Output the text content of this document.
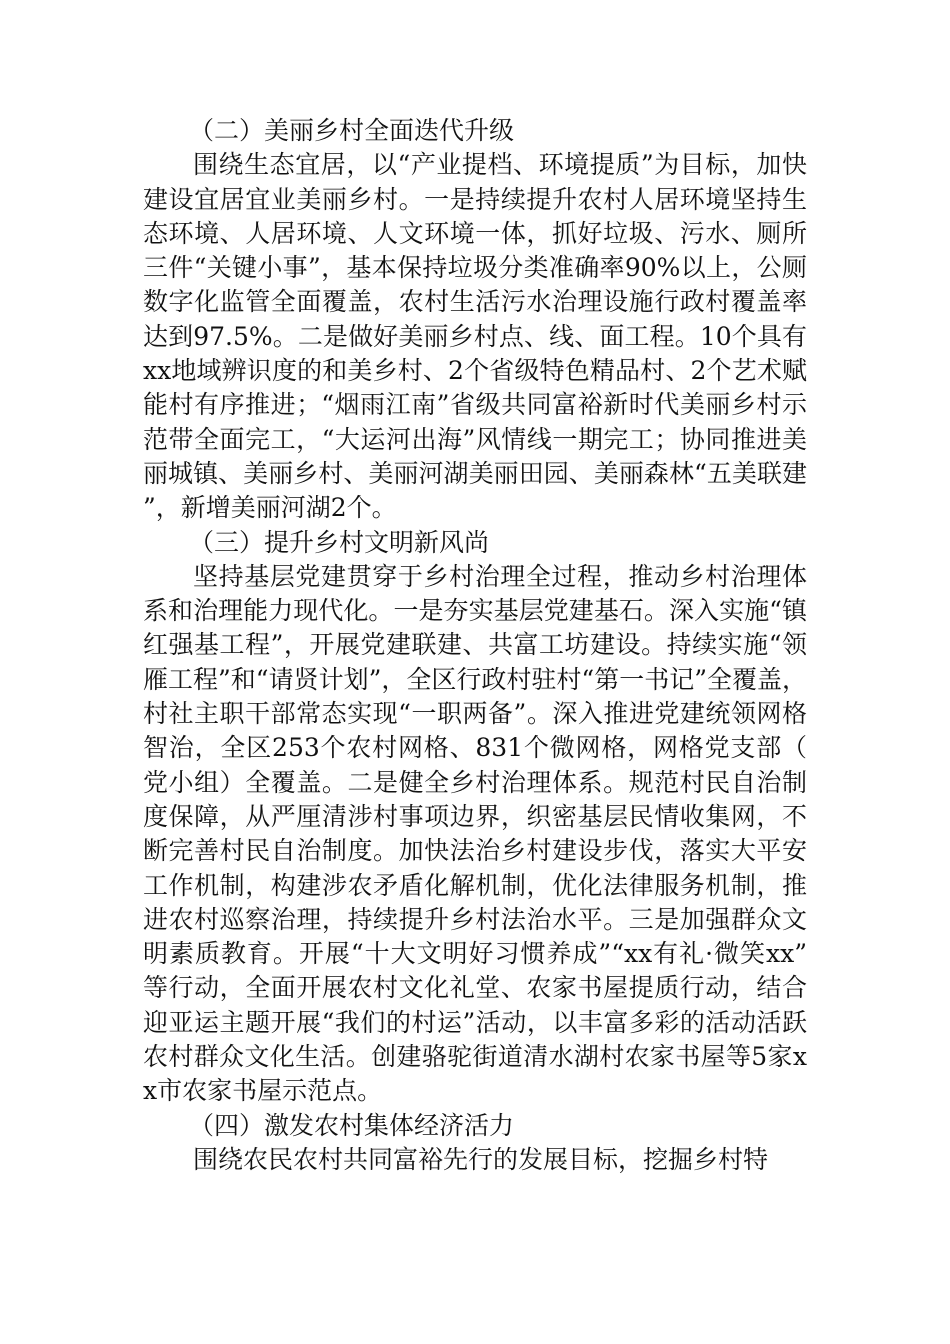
（二）美丽乡村全面迭代升级

围绕生态宜居，以“产业提档、环境提质”为目标，加快建设宜居宜业美丽乡村。一是持续提升农村人居环境坚持生态环境、人居环境、人文环境一体，抓好垃圾、污水、厕所三件“关键小事”，基本保持垃圾分类准确率90%以上，公厕数字化监管全面覆盖，农村生活污水治理设施行政村覆盖率达到97.5%。二是做好美丽乡村点、线、面工程。10个具有xx地域辨识度的和美乡村、2个省级特色精品村、2个艺术赋能村有序推进；“烟雨江南”省级共同富裕新时代美丽乡村示范带全面完工，“大运河出海”风情线一期完工；协同推进美丽城镇、美丽乡村、美丽河湖美丽田园、美丽森林“五美联建”，新增美丽河湖2个。

（三）提升乡村文明新风尚

坚持基层党建贯穿于乡村治理全过程，推动乡村治理体系和治理能力现代化。一是夯实基层党建基石。深入实施“镇红强基工程”，开展党建联建、共富工坊建设。持续实施“领雁工程”和“请贤计划”，全区行政村驻村“第一书记”全覆盖，村社主职干部常态实现“一职两备”。深入推进党建统领网格智治，全区253个农村网格、831个微网格，网格党支部（党小组）全覆盖。二是健全乡村治理体系。规范村民自治制度保障，从严厘清涉村事项边界，织密基层民情收集网，不断完善村民自治制度。加快法治乡村建设步伐，落实大平安工作机制，构建涉农矛盾化解机制，优化法律服务机制，推进农村巡察治理，持续提升乡村法治水平。三是加强群众文明素质教育。开展“十大文明好习惯养成”“xx有礼·微笑xx”等行动，全面开展农村文化礼堂、农家书屋提质行动，结合迎亚运主题开展“我们的村运”活动，以丰富多彩的活动活跃农村群众文化生活。创建骆驼街道清水湖村农家书屋等5家xx市农家书屋示范点。

（四）激发农村集体经济活力

围绕农民农村共同富裕先行的发展目标，挖掘乡村特
